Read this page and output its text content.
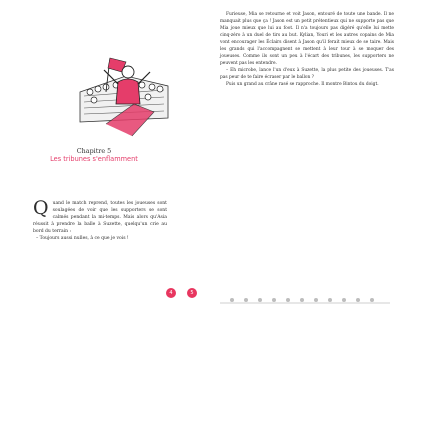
Chapitre 5
Les tribunes s'enflamment
Q uand le match reprend, toutes les joueuses sont soulagées de voir que les supporters se sont calmés pendant la mi-temps. Mais alors qu'Asia réussit à prendre la balle à Suzette, quelqu'un crie au bord du terrain :

– Toujours aussi nulles, à ce que je vois !

4

Furieuse, Mia se retourne et voit Jason, entouré de toute une bande. Il ne manquait plus que ça ! Jason est un petit prétentieux qui ne supporte pas que Mia joue mieux que lui au foot. Il n'a toujours pas digéré qu'elle lui mette cinq-zéro à un duel de tirs au but. Kylian, Youri et les autres copains de Mia vont encourager les Éclairs disent à Jason qu'il ferait mieux de se taire. Mais les grands qui l'accompagnent se mettent à leur tour à se moquer des joueuses. Comme ils sont un peu à l'écart des tribunes, les supporters ne peuvent pas les entendre.

– Eh microbe, lance l'un d'eux à Suzette, la plus petite des joueuses. T'as pas peur de te faire écraser par le ballon ?

Puis un grand au crâne rasé se rapproche. Il montre Bintou du doigt.

5
